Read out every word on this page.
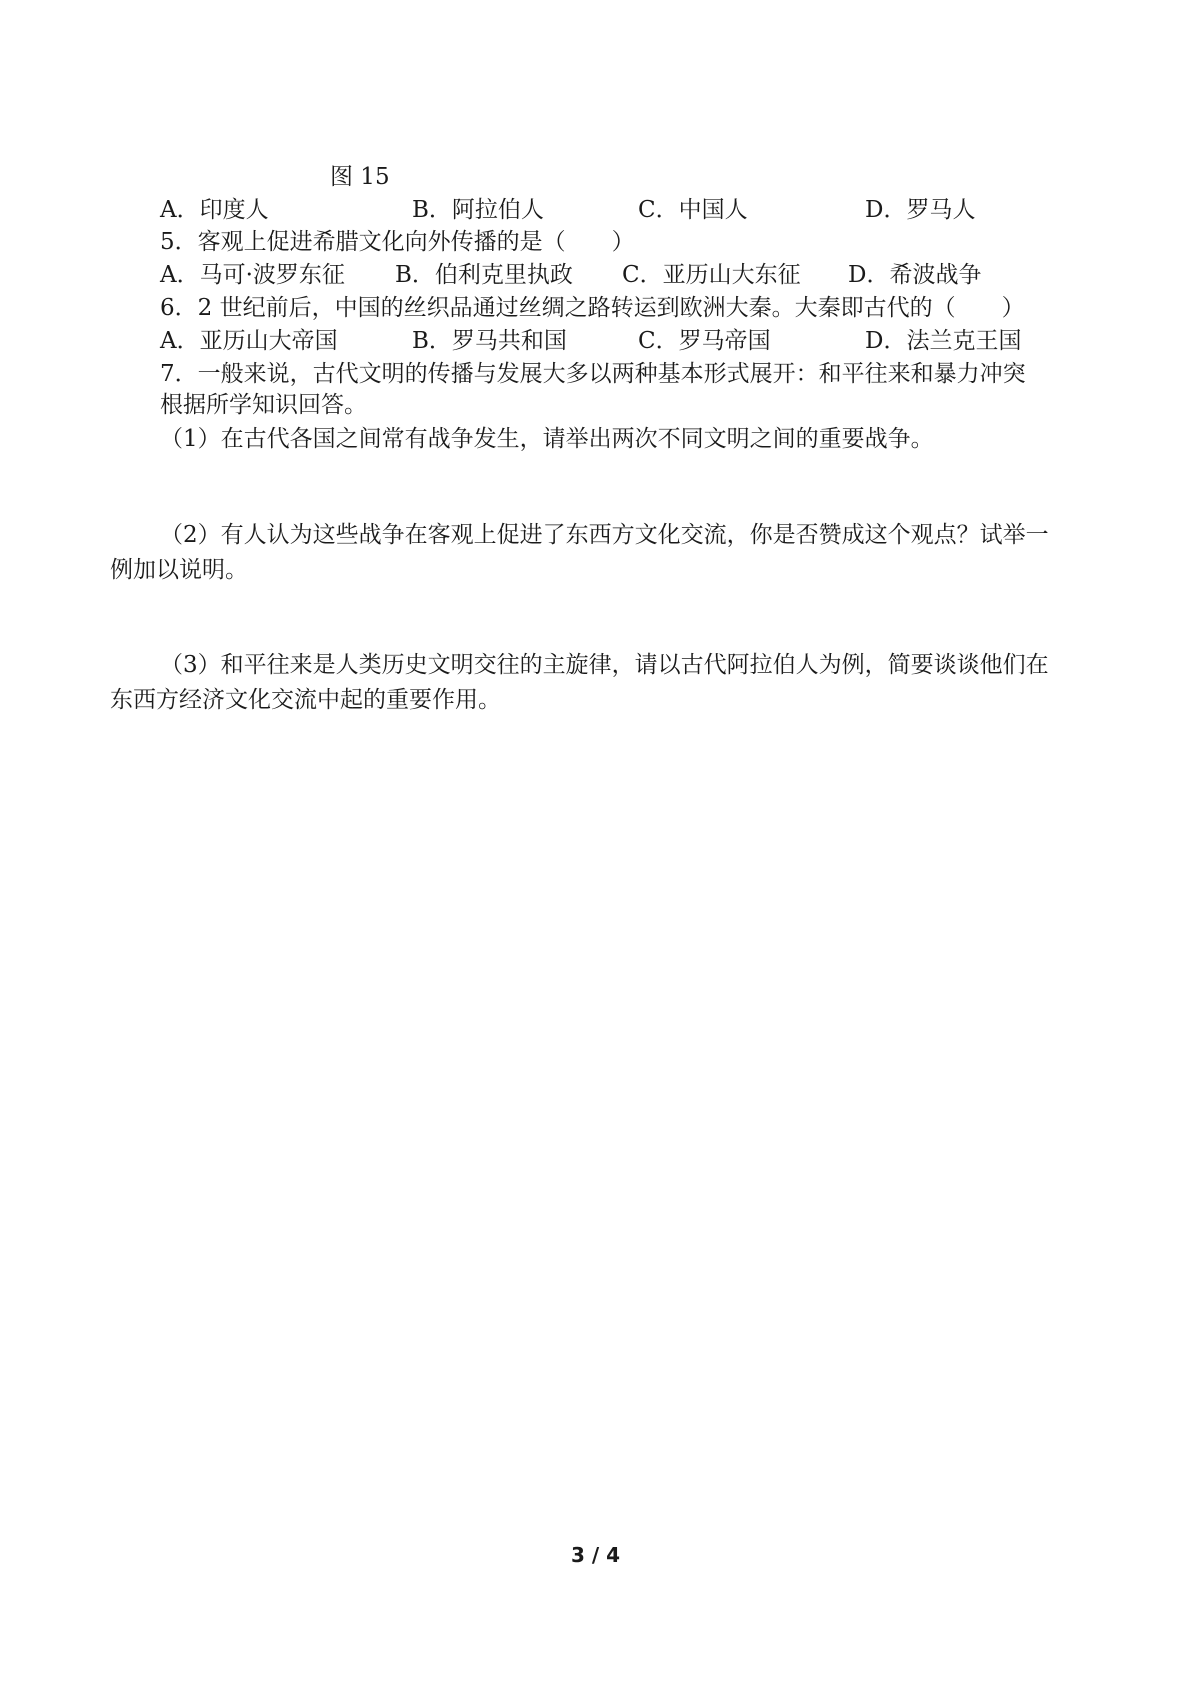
图 15
A．印度人	B．阿拉伯人	C．中国人	D．罗马人
5．客观上促进希腊文化向外传播的是（　　）
A．马可·波罗东征 B．伯利克里执政 C．亚历山大东征 D．希波战争
6．2 世纪前后，中国的丝织品通过丝绸之路转运到欧洲大秦。大秦即古代的（　　）
A．亚历山大帝国	B．罗马共和国	C．罗马帝国	D．法兰克王国
7．一般来说，古代文明的传播与发展大多以两种基本形式展开：和平往来和暴力冲突
根据所学知识回答。
（1）在古代各国之间常有战争发生，请举出两次不同文明之间的重要战争。
（2）有人认为这些战争在客观上促进了东西方文化交流，你是否赞成这个观点？试举一
例加以说明。
（3）和平往来是人类历史文明交往的主旋律，请以古代阿拉伯人为例，简要谈谈他们在
东西方经济文化交流中起的重要作用。
3 / 4
